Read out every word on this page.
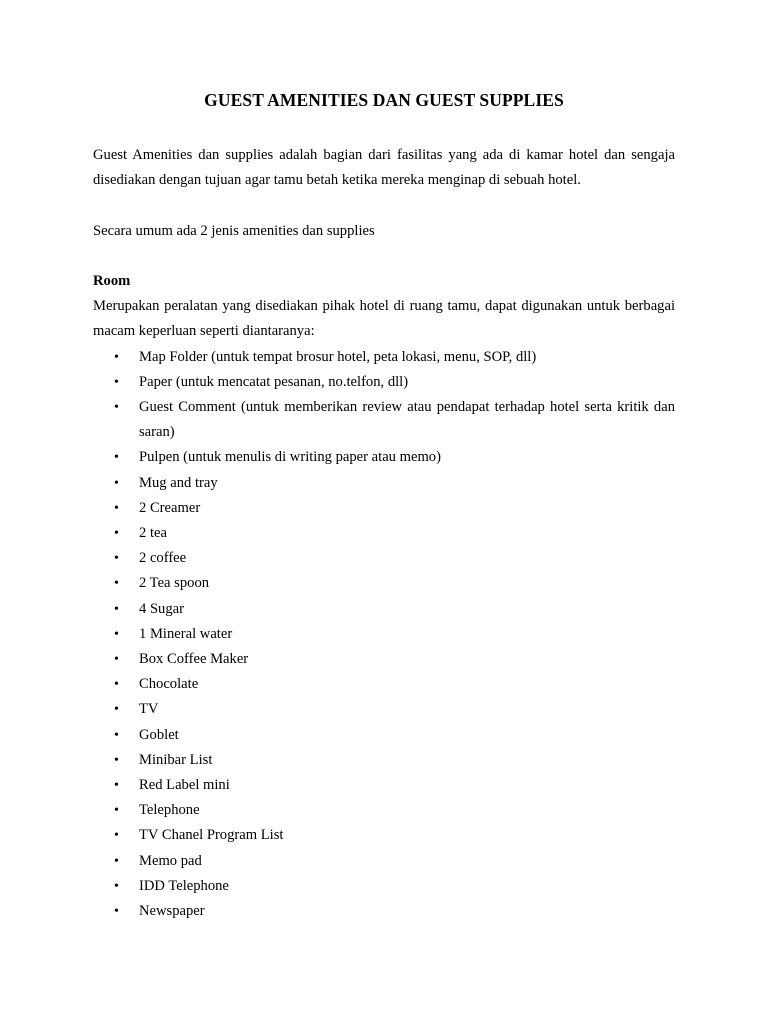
GUEST AMENITIES DAN GUEST SUPPLIES

Guest Amenities dan supplies adalah bagian dari fasilitas yang ada di kamar hotel dan sengaja disediakan dengan tujuan agar tamu betah ketika mereka menginap di sebuah hotel.

Secara umum ada 2 jenis amenities dan supplies

Room

Merupakan peralatan yang disediakan pihak hotel di ruang tamu, dapat digunakan untuk berbagai macam keperluan seperti diantaranya:

• Map Folder (untuk tempat brosur hotel, peta lokasi, menu, SOP, dll)
• Paper (untuk mencatat pesanan, no.telfon, dll)
• Guest Comment (untuk memberikan review atau pendapat terhadap hotel serta kritik dan saran)
• Pulpen (untuk menulis di writing paper atau memo)
• Mug and tray
• 2 Creamer
• 2 tea
• 2 coffee
• 2 Tea spoon
• 4 Sugar
• 1 Mineral water
• Box Coffee Maker
• Chocolate
• TV
• Goblet
• Minibar List
• Red Label mini
• Telephone
• TV Chanel Program List
• Memo pad
• IDD Telephone
• Newspaper
